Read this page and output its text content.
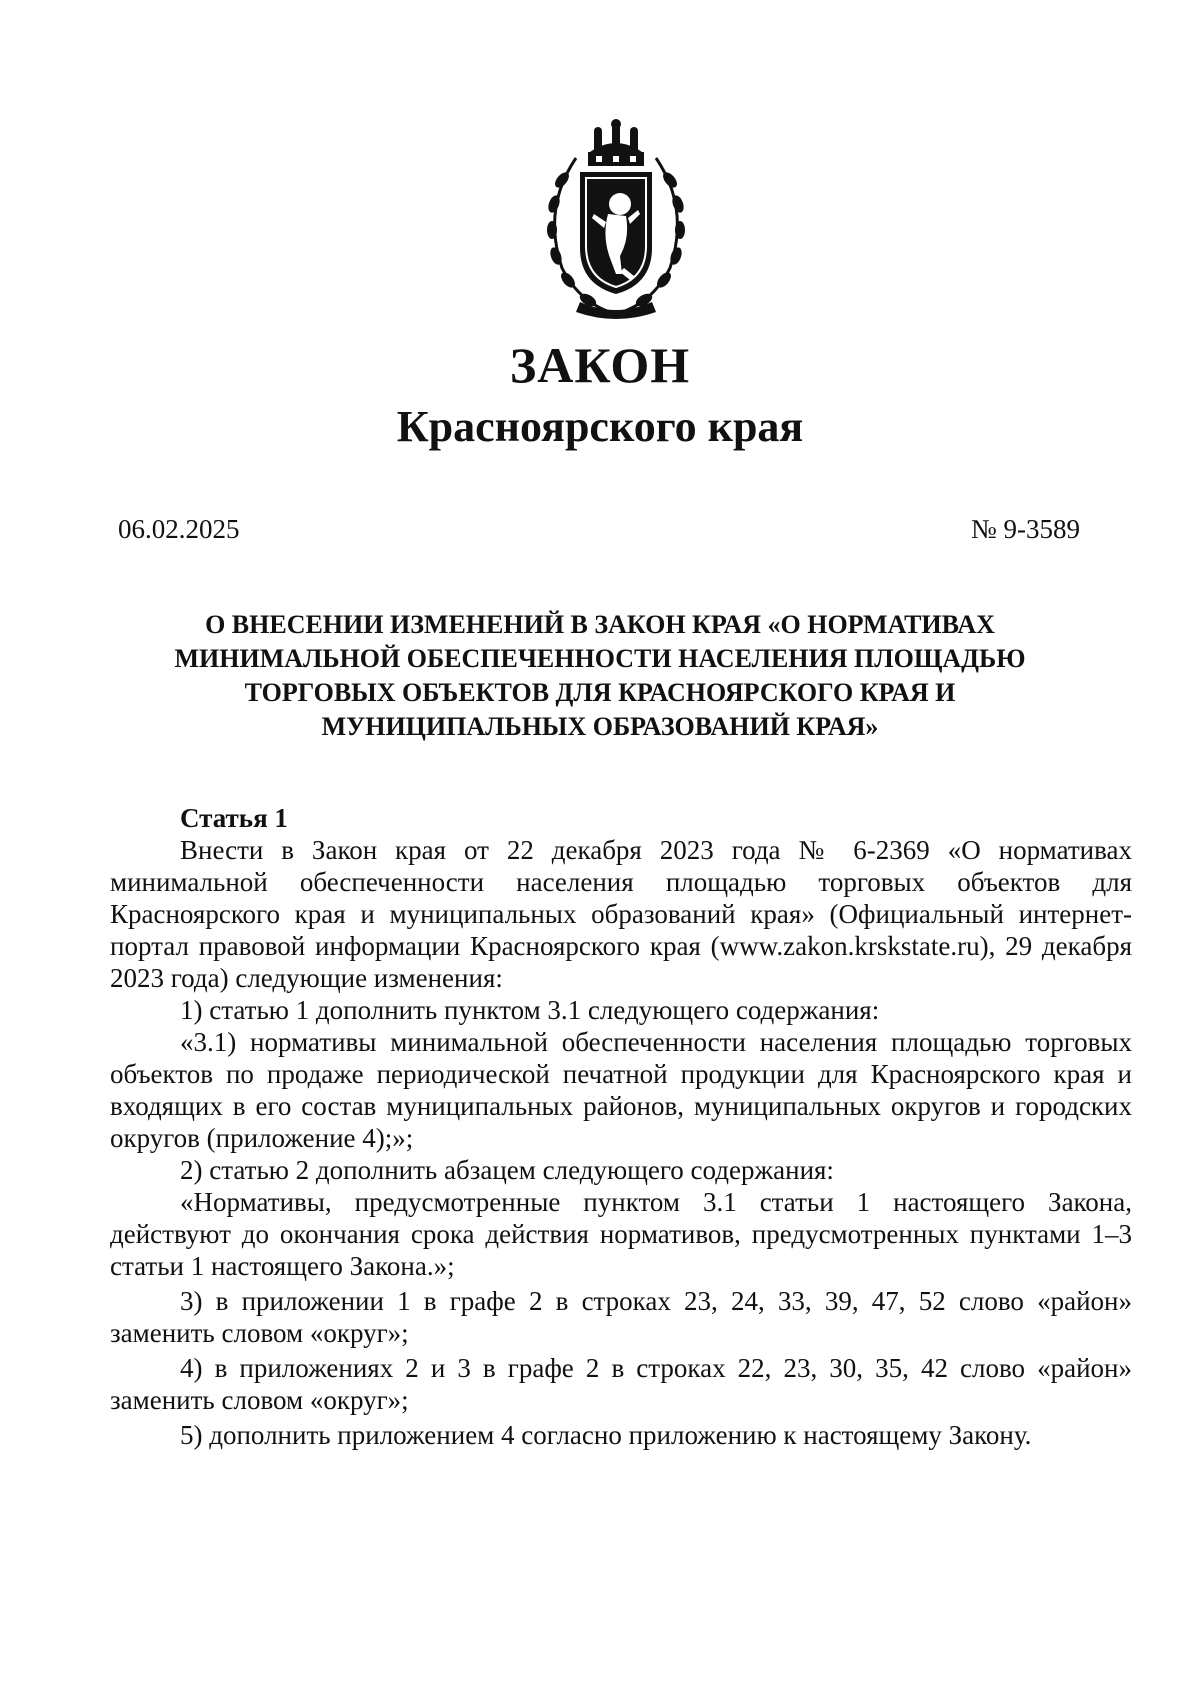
ЗАКОН
Красноярского края
06.02.2025	№ 9-3589
О ВНЕСЕНИИ ИЗМЕНЕНИЙ В ЗАКОН КРАЯ «О НОРМАТИВАХ
МИНИМАЛЬНОЙ ОБЕСПЕЧЕННОСТИ НАСЕЛЕНИЯ ПЛОЩАДЬЮ
ТОРГОВЫХ ОБЪЕКТОВ ДЛЯ КРАСНОЯРСКОГО КРАЯ И
МУНИЦИПАЛЬНЫХ ОБРАЗОВАНИЙ КРАЯ»
Статья 1

Внести в Закон края от 22 декабря 2023 года № 6-2369 «О нормативах минимальной обеспеченности населения площадью торговых объектов для Красноярского края и муниципальных образований края» (Официальный интернет-портал правовой информации Красноярского края (www.zakon.krskstate.ru), 29 декабря 2023 года) следующие изменения:

1) статью 1 дополнить пунктом 3.1 следующего содержания:

«3.1) нормативы минимальной обеспеченности населения площадью торговых объектов по продаже периодической печатной продукции для Красноярского края и входящих в его состав муниципальных районов, муниципальных округов и городских округов (приложение 4);»;

2) статью 2 дополнить абзацем следующего содержания:

«Нормативы, предусмотренные пунктом 3.1 статьи 1 настоящего Закона, действуют до окончания срока действия нормативов, предусмотренных пунктами 1–3 статьи 1 настоящего Закона.»;

3) в приложении 1 в графе 2 в строках 23, 24, 33, 39, 47, 52 слово «район» заменить словом «округ»;

4) в приложениях 2 и 3 в графе 2 в строках 22, 23, 30, 35, 42 слово «район» заменить словом «округ»;

5) дополнить приложением 4 согласно приложению к настоящему Закону.
